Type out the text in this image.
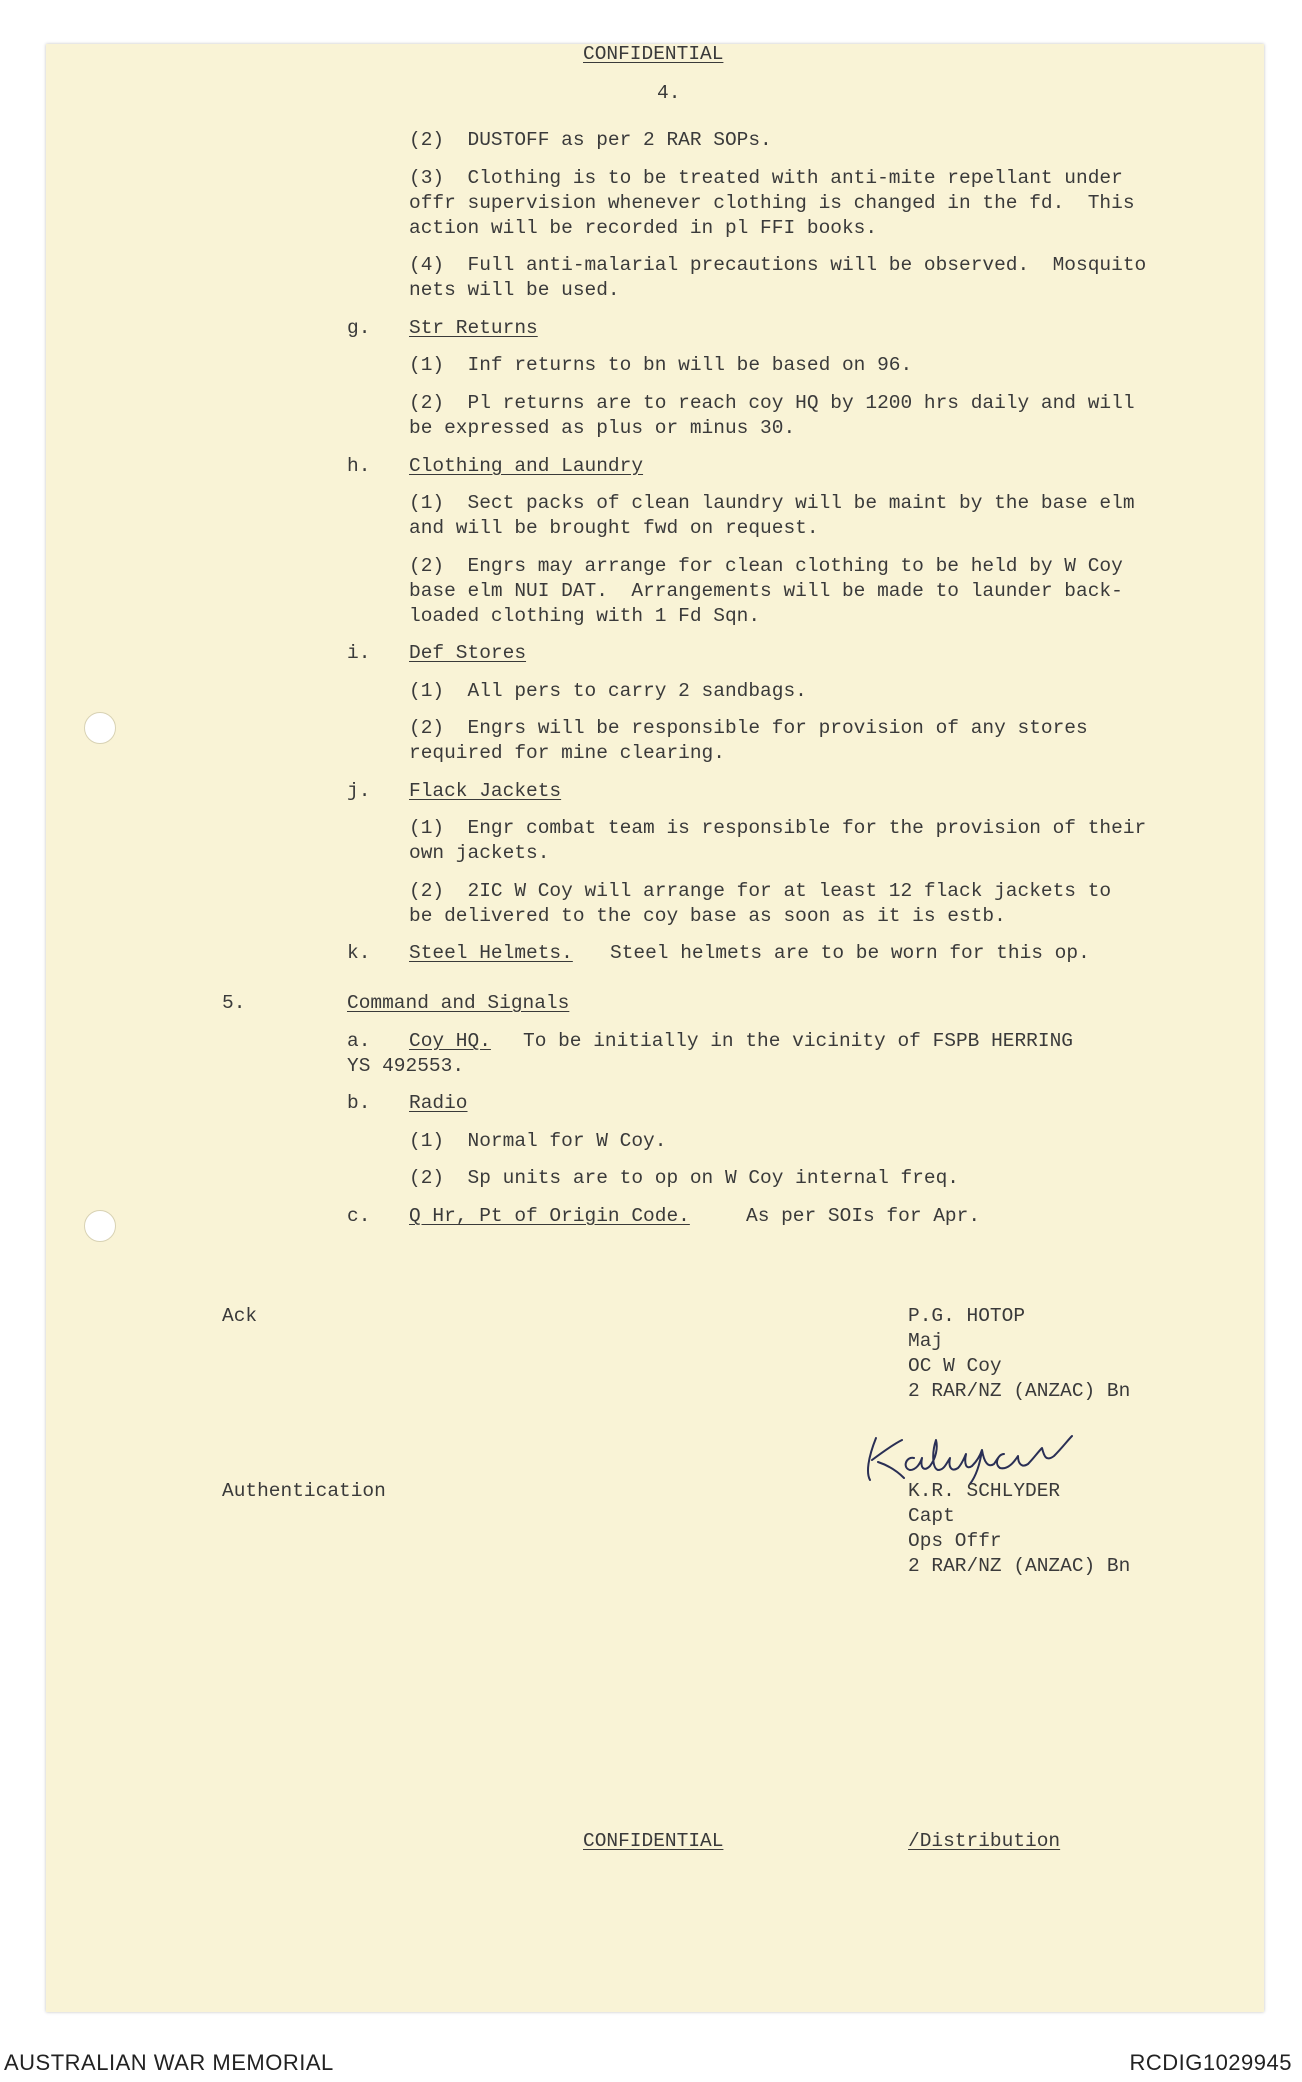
CONFIDENTIAL
4.
(2)  DUSTOFF as per 2 RAR SOPs.
(3)  Clothing is to be treated with anti-mite repellant under
offr supervision whenever clothing is changed in the fd.  This
action will be recorded in pl FFI books.
(4)  Full anti-malarial precautions will be observed.  Mosquito
nets will be used.
g. Str Returns
(1)  Inf returns to bn will be based on 96.
(2)  Pl returns are to reach coy HQ by 1200 hrs daily and will
be expressed as plus or minus 30.
h. Clothing and Laundry
(1)  Sect packs of clean laundry will be maint by the base elm
and will be brought fwd on request.
(2)  Engrs may arrange for clean clothing to be held by W Coy
base elm NUI DAT.  Arrangements will be made to launder back-
loaded clothing with 1 Fd Sqn.
i. Def Stores
(1)  All pers to carry 2 sandbags.
(2)  Engrs will be responsible for provision of any stores
required for mine clearing.
j. Flack Jackets
(1)  Engr combat team is responsible for the provision of their
own jackets.
(2)  2IC W Coy will arrange for at least 12 flack jackets to
be delivered to the coy base as soon as it is estb.
k. Steel Helmets. Steel helmets are to be worn for this op.
5.	Command and Signals
a. Coy HQ. To be initially in the vicinity of FSPB HERRING
YS 492553.
b. Radio
(1)  Normal for W Coy.
(2)  Sp units are to op on W Coy internal freq.
c. Q Hr, Pt of Origin Code.	As per SOIs for Apr.
Ack	P.G. HOTOP
Maj
OC W Coy
2 RAR/NZ (ANZAC) Bn
Authentication	K.R. SCHLYDER
Capt
Ops Offr
2 RAR/NZ (ANZAC) Bn
CONFIDENTIAL	/Distribution
AUSTRALIAN WAR MEMORIAL	RCDIG1029945
